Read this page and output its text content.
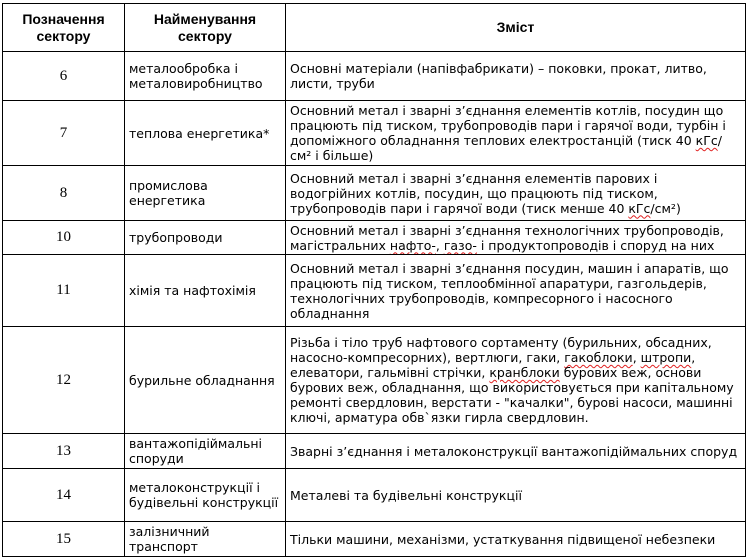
Позначення сектору	Найменування сектору	Зміст
6	металообробка і металовиробництво	Основні матеріали (напівфабрикати) – поковки, прокат, литво, листи, труби
7	теплова енергетика*	Основний метал і зварні з’єднання елементів котлів, посудин що працюють під тиском, трубопроводів пари і гарячої води, турбін і допоміжного обладнання теплових електростанцій (тиск 40 кГс/см² і більше)
8	промислова енергетика	Основний метал і зварні з’єднання елементів парових і водогрійних котлів, посудин, що працюють під тиском, трубопроводів пари і гарячої води (тиск менше 40 кГс/см²)
10	трубопроводи	Основний метал і зварні з’єднання технологічних трубопроводів, магістральних нафто-, газо- і продуктопроводів і споруд на них
11	хімія та нафтохімія	Основний метал і зварні з’єднання посудин, машин і апаратів, що працюють під тиском, теплообмінної апаратури, газгольдерів, технологічних трубопроводів, компресорного і насосного обладнання
12	бурильне обладнання	Різьба і тіло труб нафтового сортаменту (бурильних, обсадних, насосно-компресорних), вертлюги, гаки, гакоблоки, штропи, елеватори, гальмівні стрічки, кранблоки бурових веж, основи бурових веж, обладнання, що використовується при капітальному ремонті свердловин, верстати - "качалки", бурові насоси, машинні ключі, арматура обв`язки гирла свердловин.
13	вантажопідіймальні споруди	Зварні з’єднання і металоконструкції вантажопідіймальних споруд
14	металоконструкції і будівельні конструкції	Металеві та будівельні конструкції
15	залізничний транспорт	Тільки машини, механізми, устаткування підвищеної небезпеки
